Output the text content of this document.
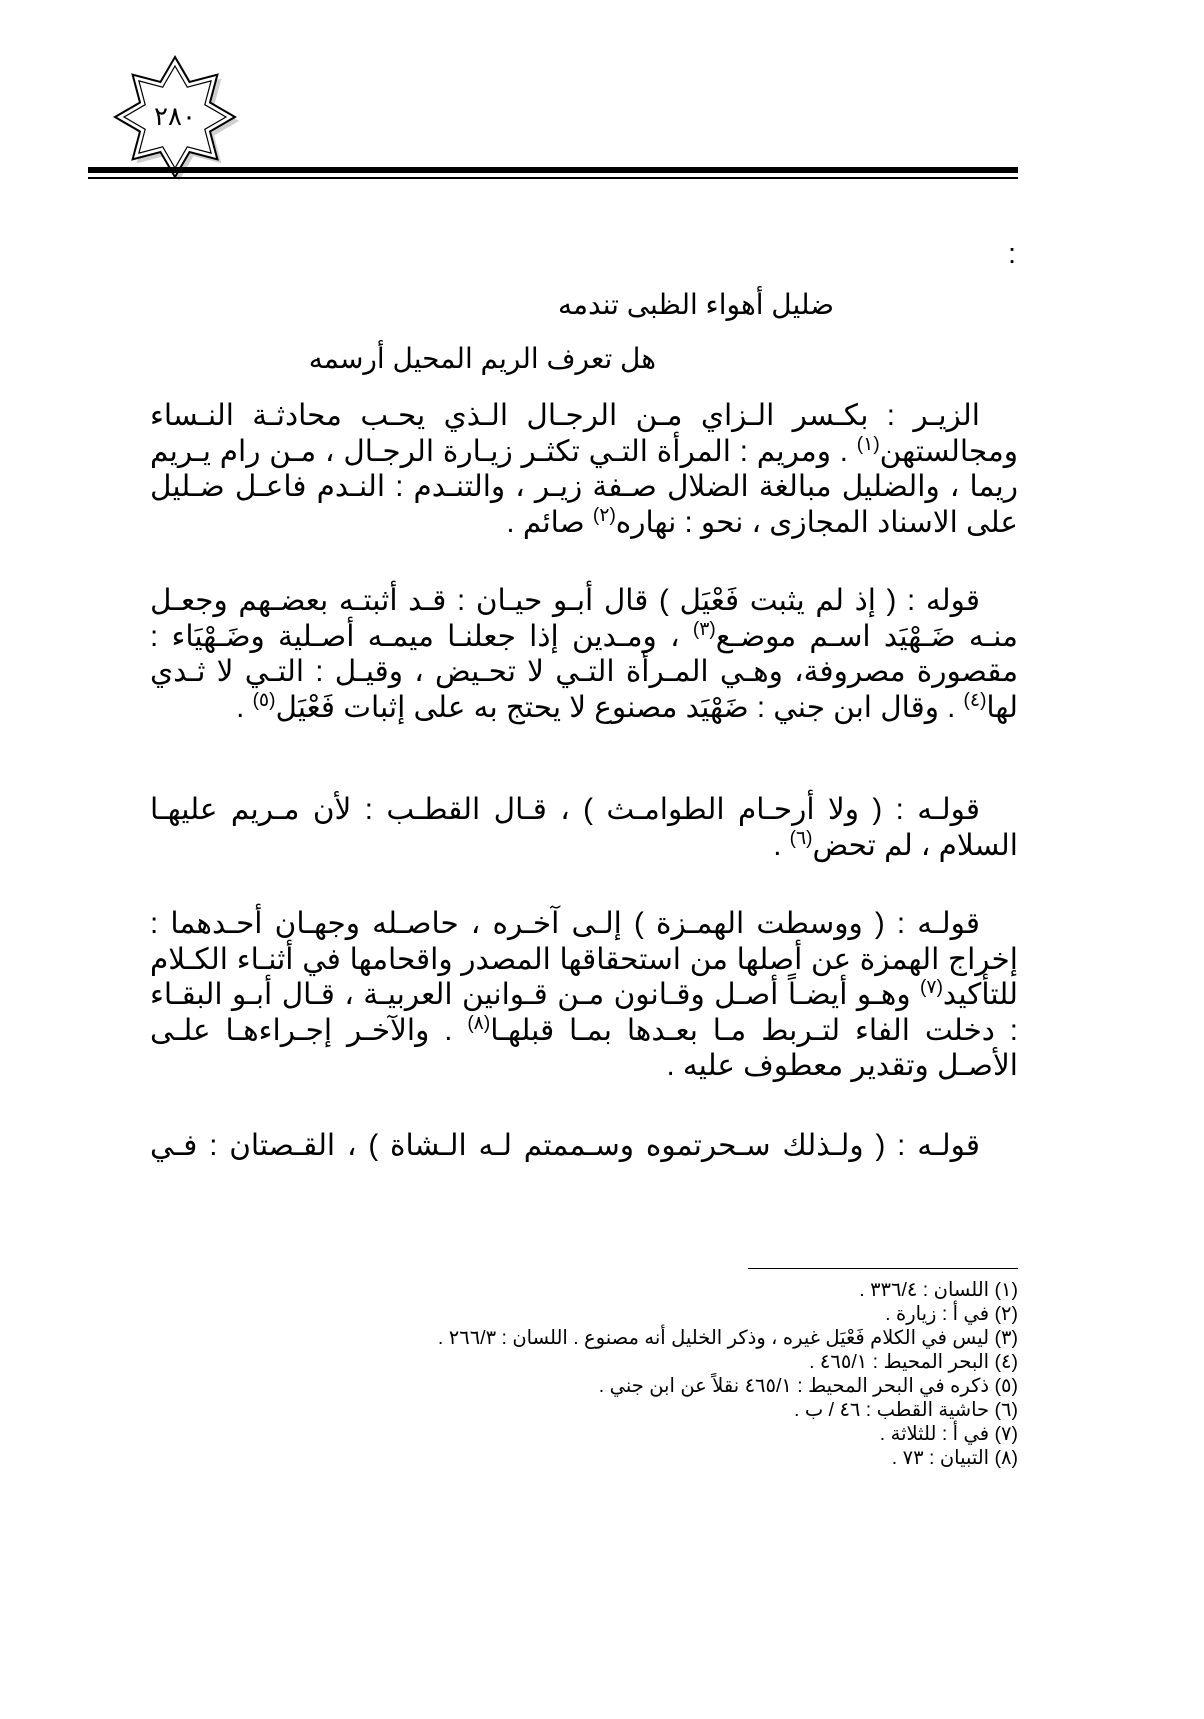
٢٨٠
:
ضليل أهواء الظبى تندمه
هل تعرف الريم المحيل أرسمه

الزيـر : بكـسر الـزاي مـن الرجـال الـذي يحـب محادثـة النـساء ومجالستهن$^{(١)}$ . ومريم : المرأة التـي تكثـر زيـارة الرجـال ، مـن رام يـريم ريما ، والضليل مبالغة الضلال صـفة زيـر ، والتنـدم : النـدم فاعـل ضـليل على الاسناد المجازى ، نحو : نهاره$^{(٢)}$ صائم .

قوله : ( إذ لم يثبت فَعْيَل ) قال أبـو حيـان : قـد أثبتـه بعضـهم وجعـل منـه ضَـهْيَد اسـم موضـع$^{(٣)}$ ، ومـدين إذا جعلنـا ميمـه أصـلية وضَـهْيَاء : مقصورة مصروفة، وهـي المـرأة التـي لا تحـيض ، وقيـل : التـي لا ثـدي لها$^{(٤)}$ . وقال ابن جني : ضَهْيَد مصنوع لا يحتج به على إثبات فَعْيَل$^{(٥)}$ .

قولـه : ( ولا أرحـام الطوامـث ) ، قـال القطـب : لأن مـريم عليهـا السلام ، لم تحض$^{(٦)}$ .

قولـه : ( ووسطت الهمـزة ) إلـى آخـره ، حاصـله وجهـان أحـدهما : إخراج الهمزة عن أصلها من استحقاقها المصدر واقحامها في أثنـاء الكـلام للتأكيد$^{(٧)}$ وهـو أيضـاً أصـل وقـانون مـن قـوانين العربيـة ، قـال أبـو البقـاء : دخلت الفاء لتـربط مـا بعـدها بمـا قبلهـا$^{(٨)}$ . والآخـر إجـراءهـا علـى الأصـل وتقدير معطوف عليه .

قولـه : ( ولـذلك سـحرتموه وسـممتم لـه الـشاة ) ، القـصتان : فـي

(١) اللسان : ٣٣٦/٤ .
(٢) في أ : زيارة .
(٣) ليس في الكلام فَعْيَل غيره ، وذكر الخليل أنه مصنوع . اللسان : ٢٦٦/٣ .
(٤) البحر المحيط : ٤٦٥/١ .
(٥) ذكره في البحر المحيط : ٤٦٥/١ نقلاً عن ابن جني .
(٦) حاشية القطب : ٤٦ / ب .
(٧) في أ : للثلاثة .
(٨) التبيان : ٧٣ .
